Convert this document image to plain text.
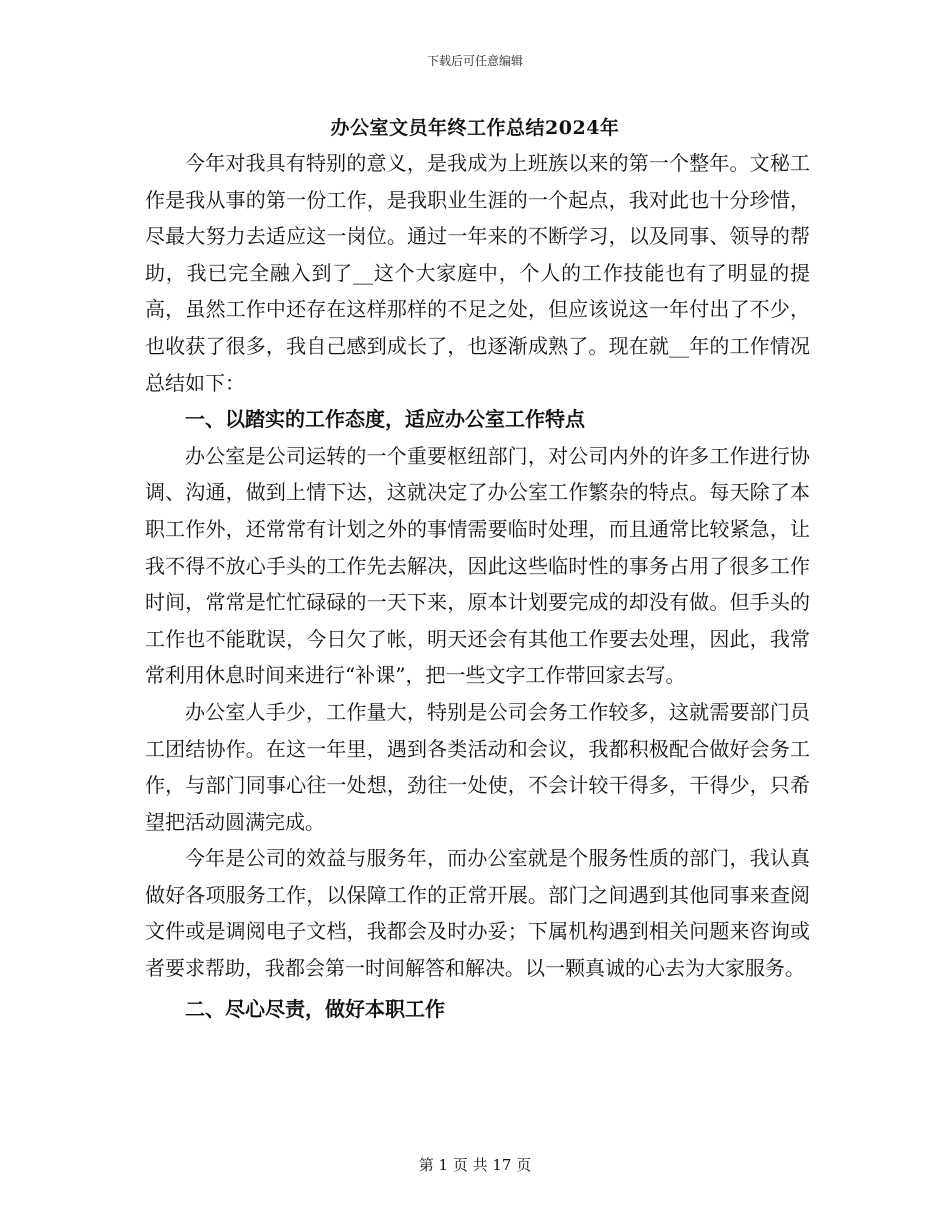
下载后可任意编辑
办公室文员年终工作总结2024年

今年对我具有特别的意义，是我成为上班族以来的第一个整年。文秘工作是我从事的第一份工作，是我职业生涯的一个起点，我对此也十分珍惜，尽最大努力去适应这一岗位。通过一年来的不断学习，以及同事、领导的帮助，我已完全融入到了__这个大家庭中，个人的工作技能也有了明显的提高，虽然工作中还存在这样那样的不足之处，但应该说这一年付出了不少，也收获了很多，我自己感到成长了，也逐渐成熟了。现在就__年的工作情况总结如下：

一、以踏实的工作态度，适应办公室工作特点

办公室是公司运转的一个重要枢纽部门，对公司内外的许多工作进行协调、沟通，做到上情下达，这就决定了办公室工作繁杂的特点。每天除了本职工作外，还常常有计划之外的事情需要临时处理，而且通常比较紧急，让我不得不放心手头的工作先去解决，因此这些临时性的事务占用了很多工作时间，常常是忙忙碌碌的一天下来，原本计划要完成的却没有做。但手头的工作也不能耽误，今日欠了帐，明天还会有其他工作要去处理，因此，我常常利用休息时间来进行“补课”，把一些文字工作带回家去写。

办公室人手少，工作量大，特别是公司会务工作较多，这就需要部门员工团结协作。在这一年里，遇到各类活动和会议，我都积极配合做好会务工作，与部门同事心往一处想，劲往一处使，不会计较干得多，干得少，只希望把活动圆满完成。

今年是公司的效益与服务年，而办公室就是个服务性质的部门，我认真做好各项服务工作，以保障工作的正常开展。部门之间遇到其他同事来查阅文件或是调阅电子文档，我都会及时办妥；下属机构遇到相关问题来咨询或者要求帮助，我都会第一时间解答和解决。以一颗真诚的心去为大家服务。

二、尽心尽责，做好本职工作
第 1 页 共 17 页
